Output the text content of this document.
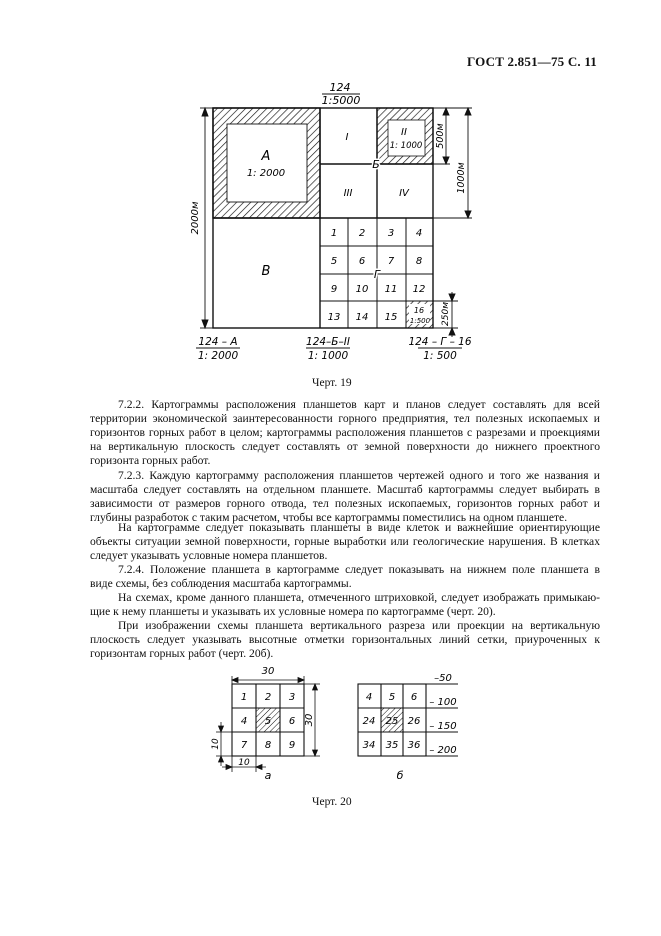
ГОСТ 2.851—75 С. 11
124
1:5000
А
1: 2000
II
1: 1000
Б
I
III	IV
В	Г
1 2 3 4
5 6 7 8
9 10 11 12
13 14 15
16
1:500
2000м
500м
1000м
250м
124 – А
1: 2000
124–Б–II
1: 1000
124 – Г – 16
1: 500
Черт. 19
7.2.2. Картограммы расположения планшетов карт и планов следует составлять для всей
территории экономической заинтересованности горного предприятия, тел полезных ископаемых и
горизонтов горных работ в целом; картограммы расположения планшетов с разрезами и проекциями
на вертикальную плоскость следует составлять от земной поверхности до нижнего проектного
горизонта горных работ.
7.2.3. Каждую картограмму расположения планшетов чертежей одного и того же названия и
масштаба следует составлять на отдельном планшете. Масштаб картограммы следует выбирать в
зависимости от размеров горного отвода, тел полезных ископаемых, горизонтов горных работ и
глубины разработок с таким расчетом, чтобы все картограммы поместились на одном планшете.
На картограмме следует показывать планшеты в виде клеток и важнейшие ориентирующие
объекты ситуации земной поверхности, горные выработки или геологические нарушения. В клетках
следует указывать условные номера планшетов.
7.2.4. Положение планшета в картограмме следует показывать на нижнем поле планшета в
виде схемы, без соблюдения масштаба картограммы.
На схемах, кроме данного планшета, отмеченного штриховкой, следует изображать примыкаю-
щие к нему планшеты и указывать их условные номера по картограмме (черт. 20).
При изображении схемы планшета вертикального разреза или проекции на вертикальную
плоскость следует указывать высотные отметки горизонтальных линий сетки, приуроченных к
горизонтам горных работ (черт. 20б).
30
30
10
10
1 2 3
4 5 6
7 8 9
а
4 5 6
24 25 26
34 35 36
–50
– 100
– 150
– 200
б
Черт. 20
